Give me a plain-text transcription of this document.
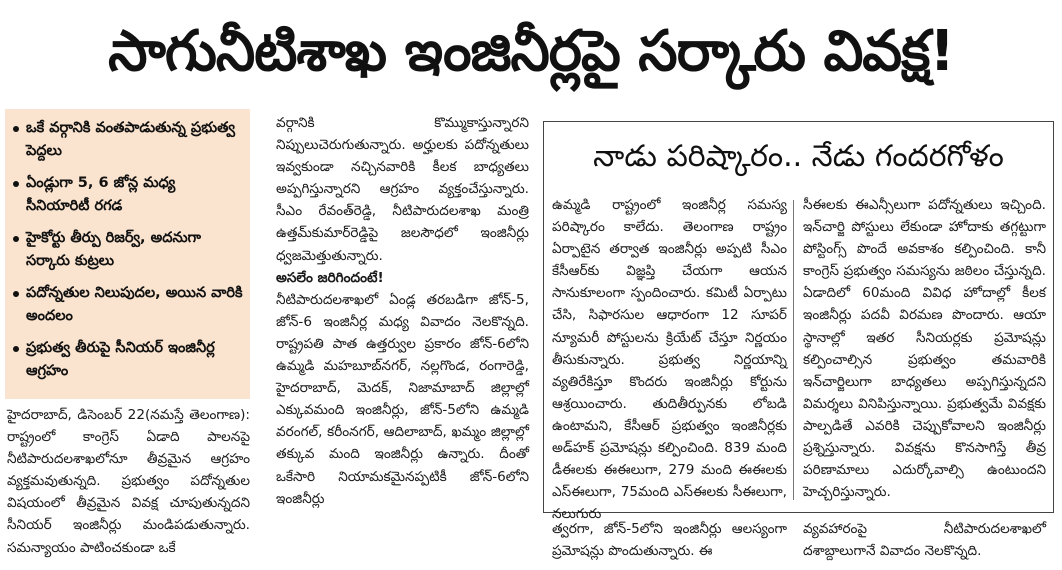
సాగునీటిశాఖ ఇంజినీర్లపై సర్కారు వివక్ష!
ఒకే వర్గానికి వంతపాడుతున్న ప్రభుత్వ పెద్దలు
ఏండ్లుగా 5, 6 జోన్ల మధ్య సీనియారిటీ రగడ
హైకోర్టు తీర్పు రిజర్వ్, అదనుగా సర్కారు కుట్రలు
పదోన్నతుల నిలుపుదల, అయిన వారికి అందలం
ప్రభుత్వ తీరుపై సీనియర్ ఇంజినీర్ల ఆగ్రహం

హైదరాబాద్, డిసెంబర్ 22(నమస్తే తెలంగాణ): రాష్ట్రంలో కాంగ్రెస్ ఏడాది పాలనపై నీటిపారుదలశాఖలోనూ తీవ్రమైన ఆగ్రహం వ్యక్తమవుతున్నది. ప్రభుత్వం పదోన్నతుల విషయంలో తీవ్రమైన వివక్ష చూపుతున్నదని సీనియర్ ఇంజినీర్లు మండిపడుతున్నారు. సమన్యాయం పాటించకుండా ఒకే

వర్గానికి కొమ్ముకాస్తున్నారని నిప్పులుచెరుగుతున్నారు. అర్హులకు పదోన్నతులు ఇవ్వకుండా నచ్చినవారికి కీలక బాధ్యతలు అప్పగిస్తున్నారని ఆగ్రహం వ్యక్తంచేస్తున్నారు. సీఎం రేవంత్‌రెడ్డి, నీటిపారుదలశాఖ మంత్రి ఉత్తమ్‌కుమార్‌రెడ్డిపై జలసౌధలో ఇంజినీర్లు ధ్వజమెత్తుతున్నారు.

అసలేం జరిగిందంటే!

నీటిపారుదలశాఖలో ఏండ్ల తరబడిగా జోన్-5, జోన్-6 ఇంజినీర్ల మధ్య వివాదం నెలకొన్నది. రాష్ట్రపతి పాత ఉత్తర్వుల ప్రకారం జోన్-6లోని ఉమ్మడి మహబూబ్‌నగర్, నల్లగొండ, రంగారెడ్డి, హైదరాబాద్, మెదక్, నిజామాబాద్ జిల్లాల్లో ఎక్కువమంది ఇంజినీర్లు, జోన్-5లోని ఉమ్మడి వరంగల్, కరీంనగర్, ఆదిలాబాద్, ఖమ్మం జిల్లాల్లో తక్కువ మంది ఇంజినీర్లు ఉన్నారు. దీంతో ఒకేసారి నియామకమైనప్పటికీ జోన్-6లోని ఇంజినీర్లు

నాడు పరిష్కారం.. నేడు గందరగోళం

ఉమ్మడి రాష్ట్రంలో ఇంజినీర్ల సమస్య పరిష్కారం కాలేదు. తెలంగాణ రాష్ట్రం ఏర్పాటైన తర్వాత ఇంజినీర్లు అప్పటి సీఎం కేసీఆర్‌కు విజ్ఞప్తి చేయగా ఆయన సానుకూలంగా స్పందించారు. కమిటీ ఏర్పాటు చేసి, సిఫారసుల ఆధారంగా 12 సూపర్ న్యూమరీ పోస్టులను క్రియేట్ చేస్తూ నిర్ణయం తీసుకున్నారు. ప్రభుత్వ నిర్ణయాన్ని వ్యతిరేకిస్తూ కొందరు ఇంజినీర్లు కోర్టును ఆశ్రయించారు. తుదితీర్పునకు లోబడి ఉంటామని, కేసీఆర్ ప్రభుత్వం ఇంజినీర్లకు అడ్‌హక్ ప్రమోషన్లు కల్పించింది. 839 మంది డీఈలకు ఈఈలుగా, 279 మంది ఈఈలకు ఎస్‌ఈలుగా, 75మంది ఎస్‌ఈలకు సీఈలుగా, నలుగురు

సీఈలకు ఈఎన్సీలుగా పదోన్నతులు ఇచ్చింది. ఇన్‌చార్జి పోస్టులు లేకుండా హోదాకు తగ్గట్టుగా పోస్టింగ్స్ పొందే అవకాశం కల్పించింది. కానీ కాంగ్రెస్ ప్రభుత్వం సమస్యను జఠిలం చేస్తున్నది. ఏడాదిలో 60మంది వివిధ హోదాల్లో కీలక ఇంజినీర్లు పదవీ విరమణ పొందారు. ఆయా స్థానాల్లో ఇతర సీనియర్లకు ప్రమోషన్లు కల్పించాల్సిన ప్రభుత్వం తమవారికి ఇన్‌చార్జిలుగా బాధ్యతలు అప్పగిస్తున్నదని విమర్శలు వినిపిస్తున్నాయి. ప్రభుత్వమే వివక్షకు పాల్పడితే ఎవరికి చెప్పుకోవాలని ఇంజినీర్లు ప్రశ్నిస్తున్నారు. వివక్షను కొనసాగిస్తే తీవ్ర పరిణామాలు ఎదుర్కోవాల్సి ఉంటుందని హెచ్చరిస్తున్నారు.

త్వరగా, జోన్-5లోని ఇంజినీర్లు ఆలస్యంగా ప్రమోషన్లు పొందుతున్నారు. ఈ

వ్యవహారంపై నీటిపారుదలశాఖలో దశాబ్దాలుగానే వివాదం నెలకొన్నది.
